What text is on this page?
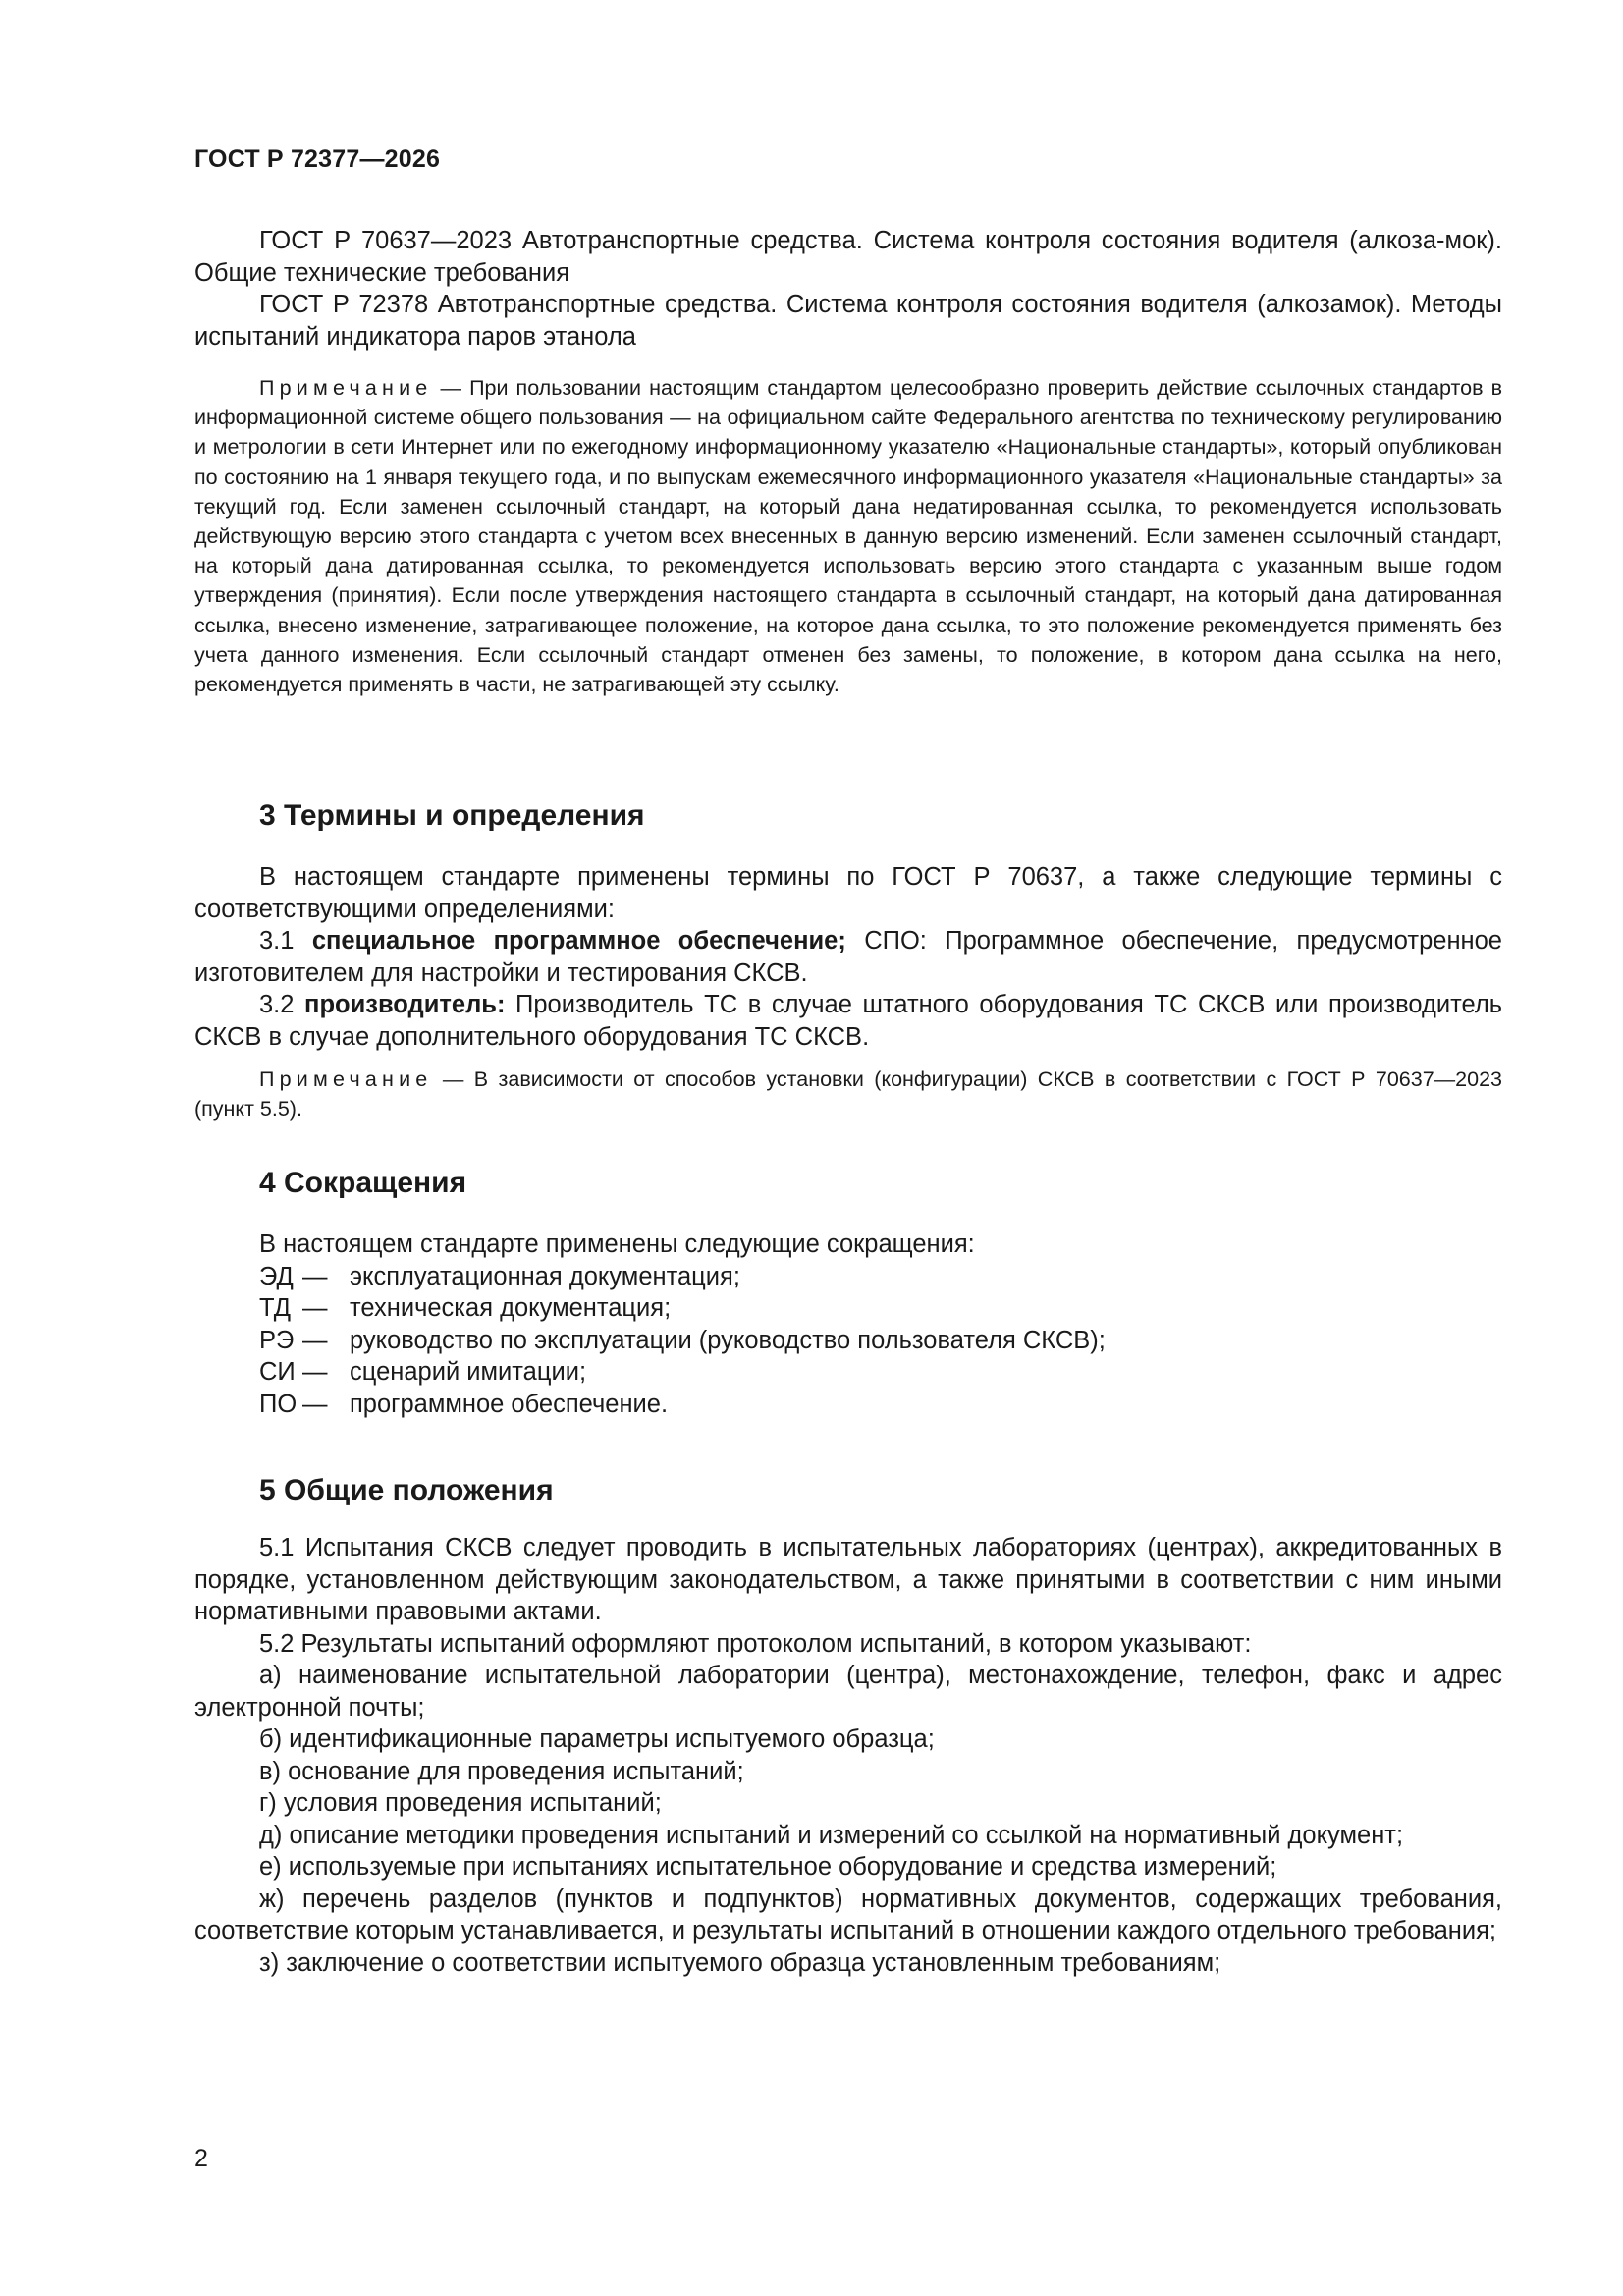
ГОСТ Р 72377—2026

ГОСТ Р 70637—2023 Автотранспортные средства. Система контроля состояния водителя (алкоза-мок). Общие технические требования

ГОСТ Р 72378 Автотранспортные средства. Система контроля состояния водителя (алкозамок). Методы испытаний индикатора паров этанола

Примечание — При пользовании настоящим стандартом целесообразно проверить действие ссылочных стандартов в информационной системе общего пользования — на официальном сайте Федерального агентства по техническому регулированию и метрологии в сети Интернет или по ежегодному информационному указателю «Национальные стандарты», который опубликован по состоянию на 1 января текущего года, и по выпускам ежемесячного информационного указателя «Национальные стандарты» за текущий год. Если заменен ссылочный стандарт, на который дана недатированная ссылка, то рекомендуется использовать действующую версию этого стандарта с учетом всех внесенных в данную версию изменений. Если заменен ссылочный стандарт, на который дана датированная ссылка, то рекомендуется использовать версию этого стандарта с указанным выше годом утверждения (принятия). Если после утверждения настоящего стандарта в ссылочный стандарт, на который дана датированная ссылка, внесено изменение, затрагивающее положение, на которое дана ссылка, то это положение рекомендуется применять без учета данного изменения. Если ссылочный стандарт отменен без замены, то положение, в котором дана ссылка на него, рекомендуется применять в части, не затрагивающей эту ссылку.

3 Термины и определения

В настоящем стандарте применены термины по ГОСТ Р 70637, а также следующие термины с соответствующими определениями:

3.1 специальное программное обеспечение; СПО: Программное обеспечение, предусмотренное изготовителем для настройки и тестирования СКСВ.

3.2 производитель: Производитель ТС в случае штатного оборудования ТС СКСВ или производитель СКСВ в случае дополнительного оборудования ТС СКСВ.

Примечание — В зависимости от способов установки (конфигурации) СКСВ в соответствии с ГОСТ Р 70637—2023 (пункт 5.5).

4 Сокращения

В настоящем стандарте применены следующие сокращения:

ЭД — эксплуатационная документация;
ТД — техническая документация;
РЭ — руководство по эксплуатации (руководство пользователя СКСВ);
СИ — сценарий имитации;
ПО — программное обеспечение.
5 Общие положения

5.1 Испытания СКСВ следует проводить в испытательных лабораториях (центрах), аккредитованных в порядке, установленном действующим законодательством, а также принятыми в соответствии с ним иными нормативными правовыми актами.

5.2 Результаты испытаний оформляют протоколом испытаний, в котором указывают:

а) наименование испытательной лаборатории (центра), местонахождение, телефон, факс и адрес электронной почты;

б) идентификационные параметры испытуемого образца;

в) основание для проведения испытаний;

г) условия проведения испытаний;

д) описание методики проведения испытаний и измерений со ссылкой на нормативный документ;

е) используемые при испытаниях испытательное оборудование и средства измерений;

ж) перечень разделов (пунктов и подпунктов) нормативных документов, содержащих требования, соответствие которым устанавливается, и результаты испытаний в отношении каждого отдельного требования;

з) заключение о соответствии испытуемого образца установленным требованиям;

2
